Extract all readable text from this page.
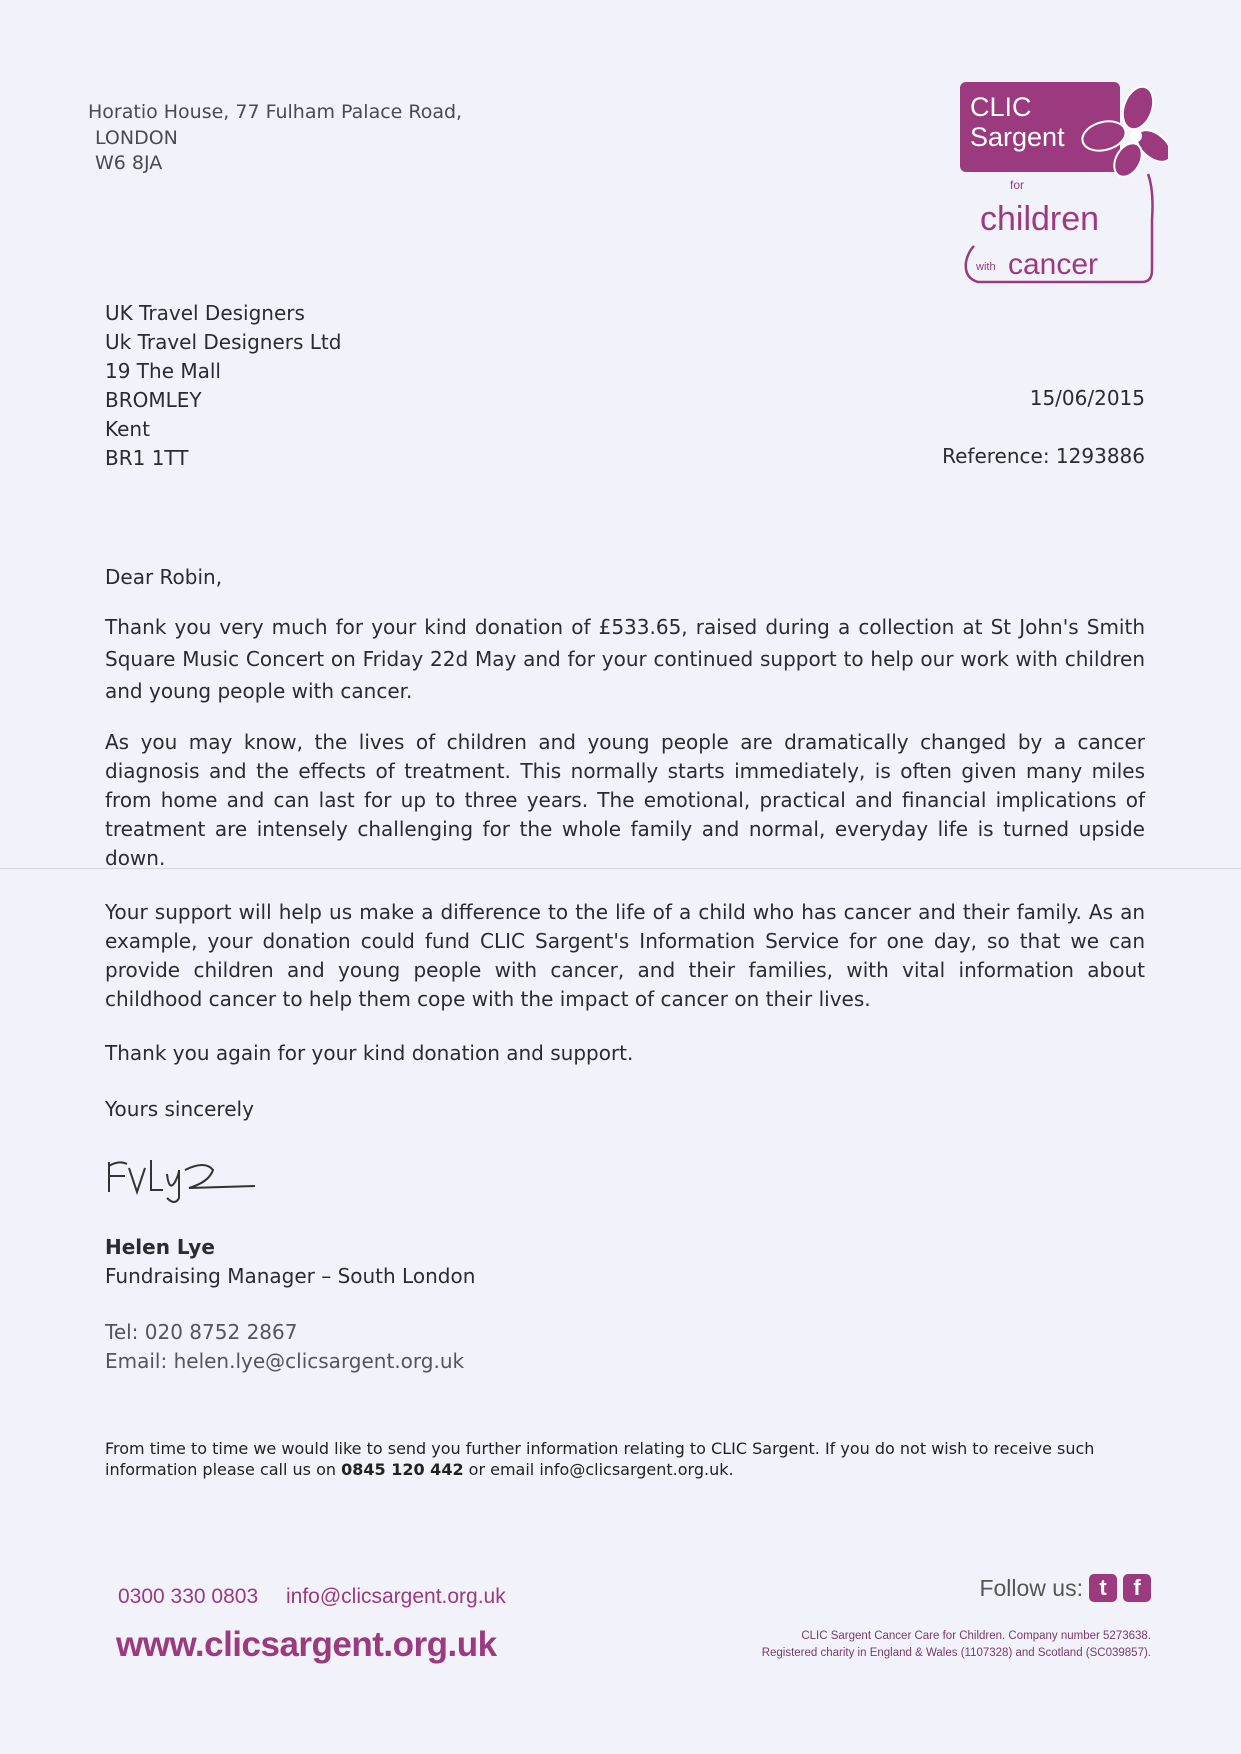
Horatio House, 77 Fulham Palace Road,
LONDON
W6 8JA
CLIC
Sargent
for
children
with cancer
UK Travel Designers
Uk Travel Designers Ltd
19 The Mall
BROMLEY
Kent
BR1 1TT
15/06/2015
Reference: 1293886
Dear Robin,
Thank you very much for your kind donation of £533.65, raised during a collection at St John's Smith Square Music Concert on Friday 22d May and for your continued support to help our work with children and young people with cancer.
As you may know, the lives of children and young people are dramatically changed by a cancer diagnosis and the effects of treatment. This normally starts immediately, is often given many miles from home and can last for up to three years. The emotional, practical and financial implications of treatment are intensely challenging for the whole family and normal, everyday life is turned upside down.
Your support will help us make a difference to the life of a child who has cancer and their family. As an example, your donation could fund CLIC Sargent's Information Service for one day, so that we can provide children and young people with cancer, and their families, with vital information about childhood cancer to help them cope with the impact of cancer on their lives.
Thank you again for your kind donation and support.
Yours sincerely
Helen Lye
Fundraising Manager – South London
Tel: 020 8752 2867
Email: helen.lye@clicsargent.org.uk
From time to time we would like to send you further information relating to CLIC Sargent. If you do not wish to receive such information please call us on 0845 120 442 or email info@clicsargent.org.uk.
0300 330 0803 info@clicsargent.org.uk
www.clicsargent.org.uk
Follow us: t	f
CLIC Sargent Cancer Care for Children. Company number 5273638.
Registered charity in England & Wales (1107328) and Scotland (SC039857).
